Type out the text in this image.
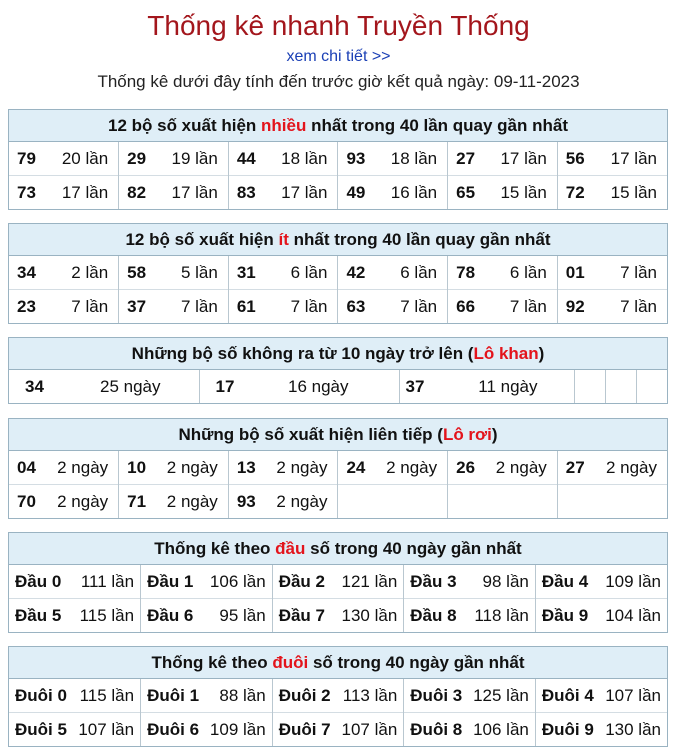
Thống kê nhanh Truyền Thống
xem chi tiết >>
Thống kê dưới đây tính đến trước giờ kết quả ngày: 09-11-2023
12 bộ số xuất hiện nhiều nhất trong 40 lần quay gần nhất
79 20 lần	29 19 lần	44 18 lần	93 18 lần	27 17 lần	56 17 lần

73 17 lần	82 17 lần	83 17 lần	49 16 lần	65 15 lần	72 15 lần
12 bộ số xuất hiện ít nhất trong 40 lần quay gần nhất
34 2 lần	58 5 lần	31 6 lần	42 6 lần	78 6 lần	01 7 lần

23 7 lần	37 7 lần	61 7 lần	63 7 lần	66 7 lần	92 7 lần
Những bộ số không ra từ 10 ngày trở lên (Lô khan)
34	25 ngày	17	16 ngày	37	11 ngày

Những bộ số xuất hiện liên tiếp (Lô rơi)
04 2 ngày	10 2 ngày	13 2 ngày	24 2 ngày	26 2 ngày	27 2 ngày

70 2 ngày	71 2 ngày	93 2 ngày			

Thống kê theo đầu số trong 40 ngày gần nhất
Đầu 0 111 lần	Đầu 1 106 lần	Đầu 2 121 lần	Đầu 3 98 lần	Đầu 4 109 lần

Đầu 5 115 lần	Đầu 6 95 lần	Đầu 7 130 lần	Đầu 8 118 lần	Đầu 9 104 lần
Thống kê theo đuôi số trong 40 ngày gần nhất
Đuôi 0 115 lần	Đuôi 1 88 lần	Đuôi 2 113 lần	Đuôi 3 125 lần	Đuôi 4 107 lần

Đuôi 5 107 lần	Đuôi 6 109 lần	Đuôi 7 107 lần	Đuôi 8 106 lần	Đuôi 9 130 lần
